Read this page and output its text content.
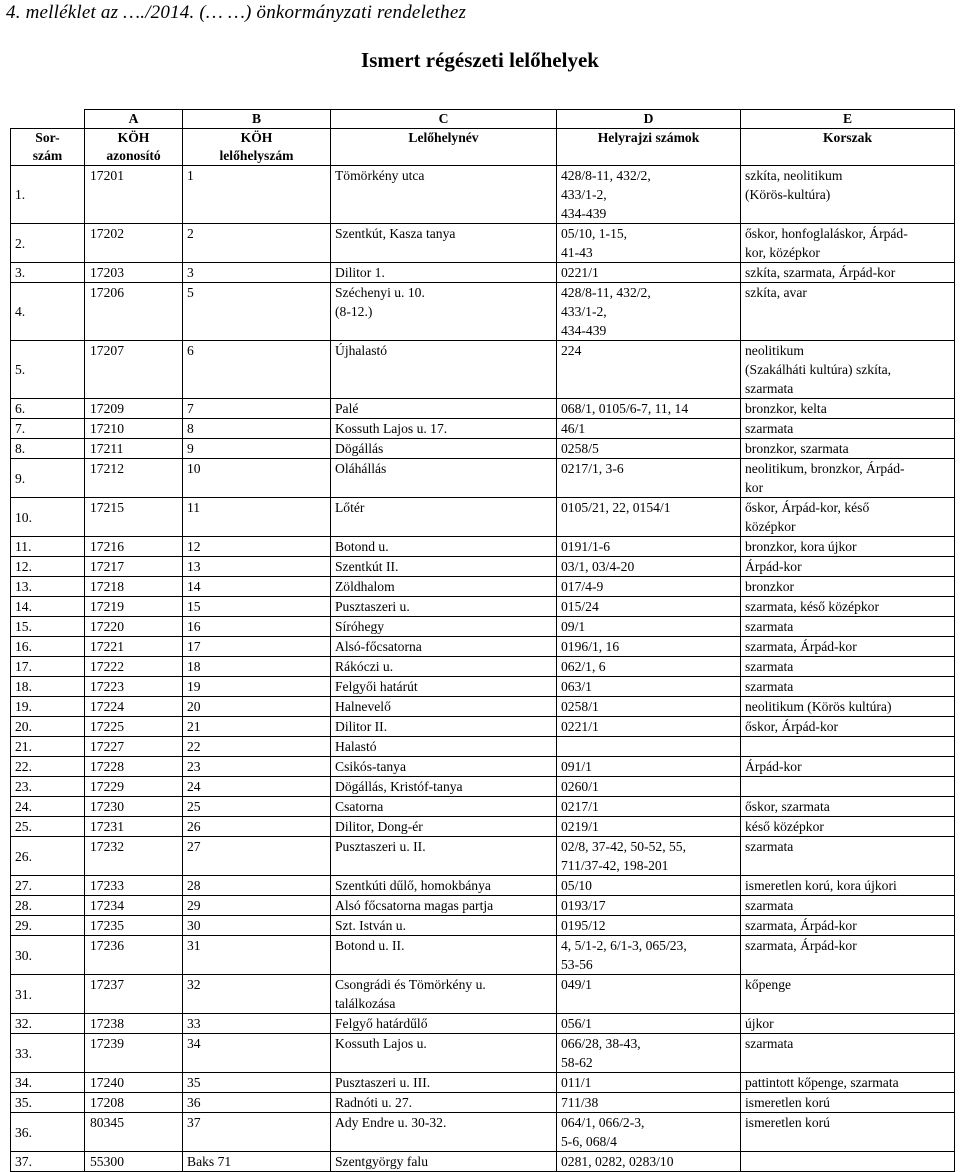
4. melléklet az …./2014. (… …) önkormányzati rendelethez
Ismert régészeti lelőhelyek
	A	B	C	D	E
Sor-
szám	KÖH
azonosító	KÖH
lelőhelyszám	Lelőhelynév	Helyrajzi számok	Korszak
1.	17201	1	Tömörkény utca	428/8-11, 432/2,
433/1-2,
434-439	szkíta, neolitikum
(Körös-kultúra)
2.	17202	2	Szentkút, Kasza tanya	05/10, 1-15,
41-43	őskor, honfoglaláskor, Árpád-
kor, középkor
3.	17203	3	Dilitor 1.	0221/1	szkíta, szarmata, Árpád-kor
4.	17206	5	Széchenyi u. 10.
(8-12.)	428/8-11, 432/2,
433/1-2,
434-439	szkíta, avar
5.	17207	6	Újhalastó	224	neolitikum
(Szakálháti kultúra) szkíta,
szarmata
6.	17209	7	Palé	068/1, 0105/6-7, 11, 14	bronzkor, kelta
7.	17210	8	Kossuth Lajos u. 17.	46/1	szarmata
8.	17211	9	Dögállás	0258/5	bronzkor, szarmata
9.	17212	10	Oláhállás	0217/1, 3-6	neolitikum, bronzkor, Árpád-
kor
10.	17215	11	Lőtér	0105/21, 22, 0154/1	őskor, Árpád-kor, késő
középkor
11.	17216	12	Botond u.	0191/1-6	bronzkor, kora újkor
12.	17217	13	Szentkút II.	03/1, 03/4-20	Árpád-kor
13.	17218	14	Zöldhalom	017/4-9	bronzkor
14.	17219	15	Pusztaszeri u.	015/24	szarmata, késő középkor
15.	17220	16	Síróhegy	09/1	szarmata
16.	17221	17	Alsó-főcsatorna	0196/1, 16	szarmata, Árpád-kor
17.	17222	18	Rákóczi u.	062/1, 6	szarmata
18.	17223	19	Felgyői határút	063/1	szarmata
19.	17224	20	Halnevelő	0258/1	neolitikum (Körös kultúra)
20.	17225	21	Dilitor II.	0221/1	őskor, Árpád-kor
21.	17227	22	Halastó		
22.	17228	23	Csikós-tanya	091/1	Árpád-kor
23.	17229	24	Dögállás, Kristóf-tanya	0260/1	
24.	17230	25	Csatorna	0217/1	őskor, szarmata
25.	17231	26	Dilitor, Dong-ér	0219/1	késő középkor
26.	17232	27	Pusztaszeri u. II.	02/8, 37-42, 50-52, 55,
711/37-42, 198-201	szarmata
27.	17233	28	Szentkúti dűlő, homokbánya	05/10	ismeretlen korú, kora újkori
28.	17234	29	Alsó főcsatorna magas partja	0193/17	szarmata
29.	17235	30	Szt. István u.	0195/12	szarmata, Árpád-kor
30.	17236	31	Botond u. II.	4, 5/1-2, 6/1-3, 065/23,
53-56	szarmata, Árpád-kor
31.	17237	32	Csongrádi és Tömörkény u.
találkozása	049/1	kőpenge
32.	17238	33	Felgyő határdűlő	056/1	újkor
33.	17239	34	Kossuth Lajos u.	066/28, 38-43,
58-62	szarmata
34.	17240	35	Pusztaszeri u. III.	011/1	pattintott kőpenge, szarmata
35.	17208	36	Radnóti u. 27.	711/38	ismeretlen korú
36.	80345	37	Ady Endre u. 30-32.	064/1, 066/2-3,
5-6, 068/4	ismeretlen korú
37.	55300	Baks 71	Szentgyörgy falu	0281, 0282, 0283/10	
